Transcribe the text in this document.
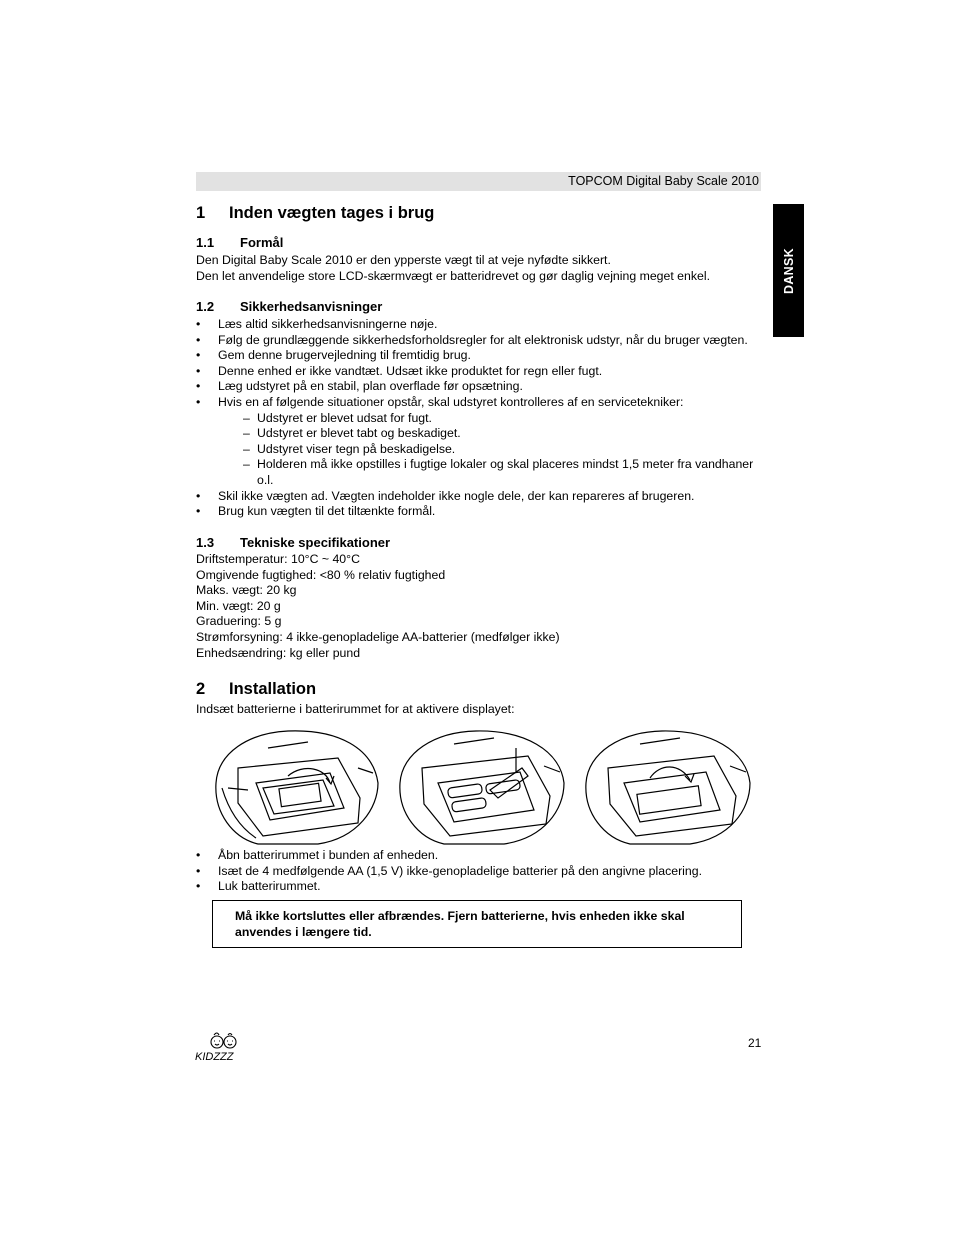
TOPCOM Digital Baby Scale 2010
DANSK
1 Inden vægten tages i brug
1.1 Formål
Den Digital Baby Scale 2010 er den ypperste vægt til at veje nyfødte sikkert.
Den let anvendelige store LCD-skærmvægt er batteridrevet og gør daglig vejning meget enkel.
1.2 Sikkerhedsanvisninger
• Læs altid sikkerhedsanvisningerne nøje.
• Følg de grundlæggende sikkerhedsforholdsregler for alt elektronisk udstyr, når du bruger vægten.
• Gem denne brugervejledning til fremtidig brug.
• Denne enhed er ikke vandtæt. Udsæt ikke produktet for regn eller fugt.
• Læg udstyret på en stabil, plan overflade før opsætning.
• Hvis en af følgende situationer opstår, skal udstyret kontrolleres af en servicetekniker:
– Udstyret er blevet udsat for fugt.
– Udstyret er blevet tabt og beskadiget.
– Udstyret viser tegn på beskadigelse.
– Holderen må ikke opstilles i fugtige lokaler og skal placeres mindst 1,5 meter fra vandhaner
o.l.
• Skil ikke vægten ad. Vægten indeholder ikke nogle dele, der kan repareres af brugeren.
• Brug kun vægten til det tiltænkte formål.
1.3 Tekniske specifikationer
Driftstemperatur: 10°C ~ 40°C
Omgivende fugtighed: <80 % relativ fugtighed
Maks. vægt: 20 kg
Min. vægt: 20 g
Graduering: 5 g
Strømforsyning: 4 ikke-genopladelige AA-batterier (medfølger ikke)
Enhedsændring: kg eller pund
2 Installation
Indsæt batterierne i batterirummet for at aktivere displayet:
• Åbn batterirummet i bunden af enheden.
• Isæt de 4 medfølgende AA (1,5 V) ikke-genopladelige batterier på den angivne placering.
• Luk batterirummet.
Må ikke kortsluttes eller afbrændes. Fjern batterierne, hvis enheden ikke skal
anvendes i længere tid.
KIDZZZ
21
